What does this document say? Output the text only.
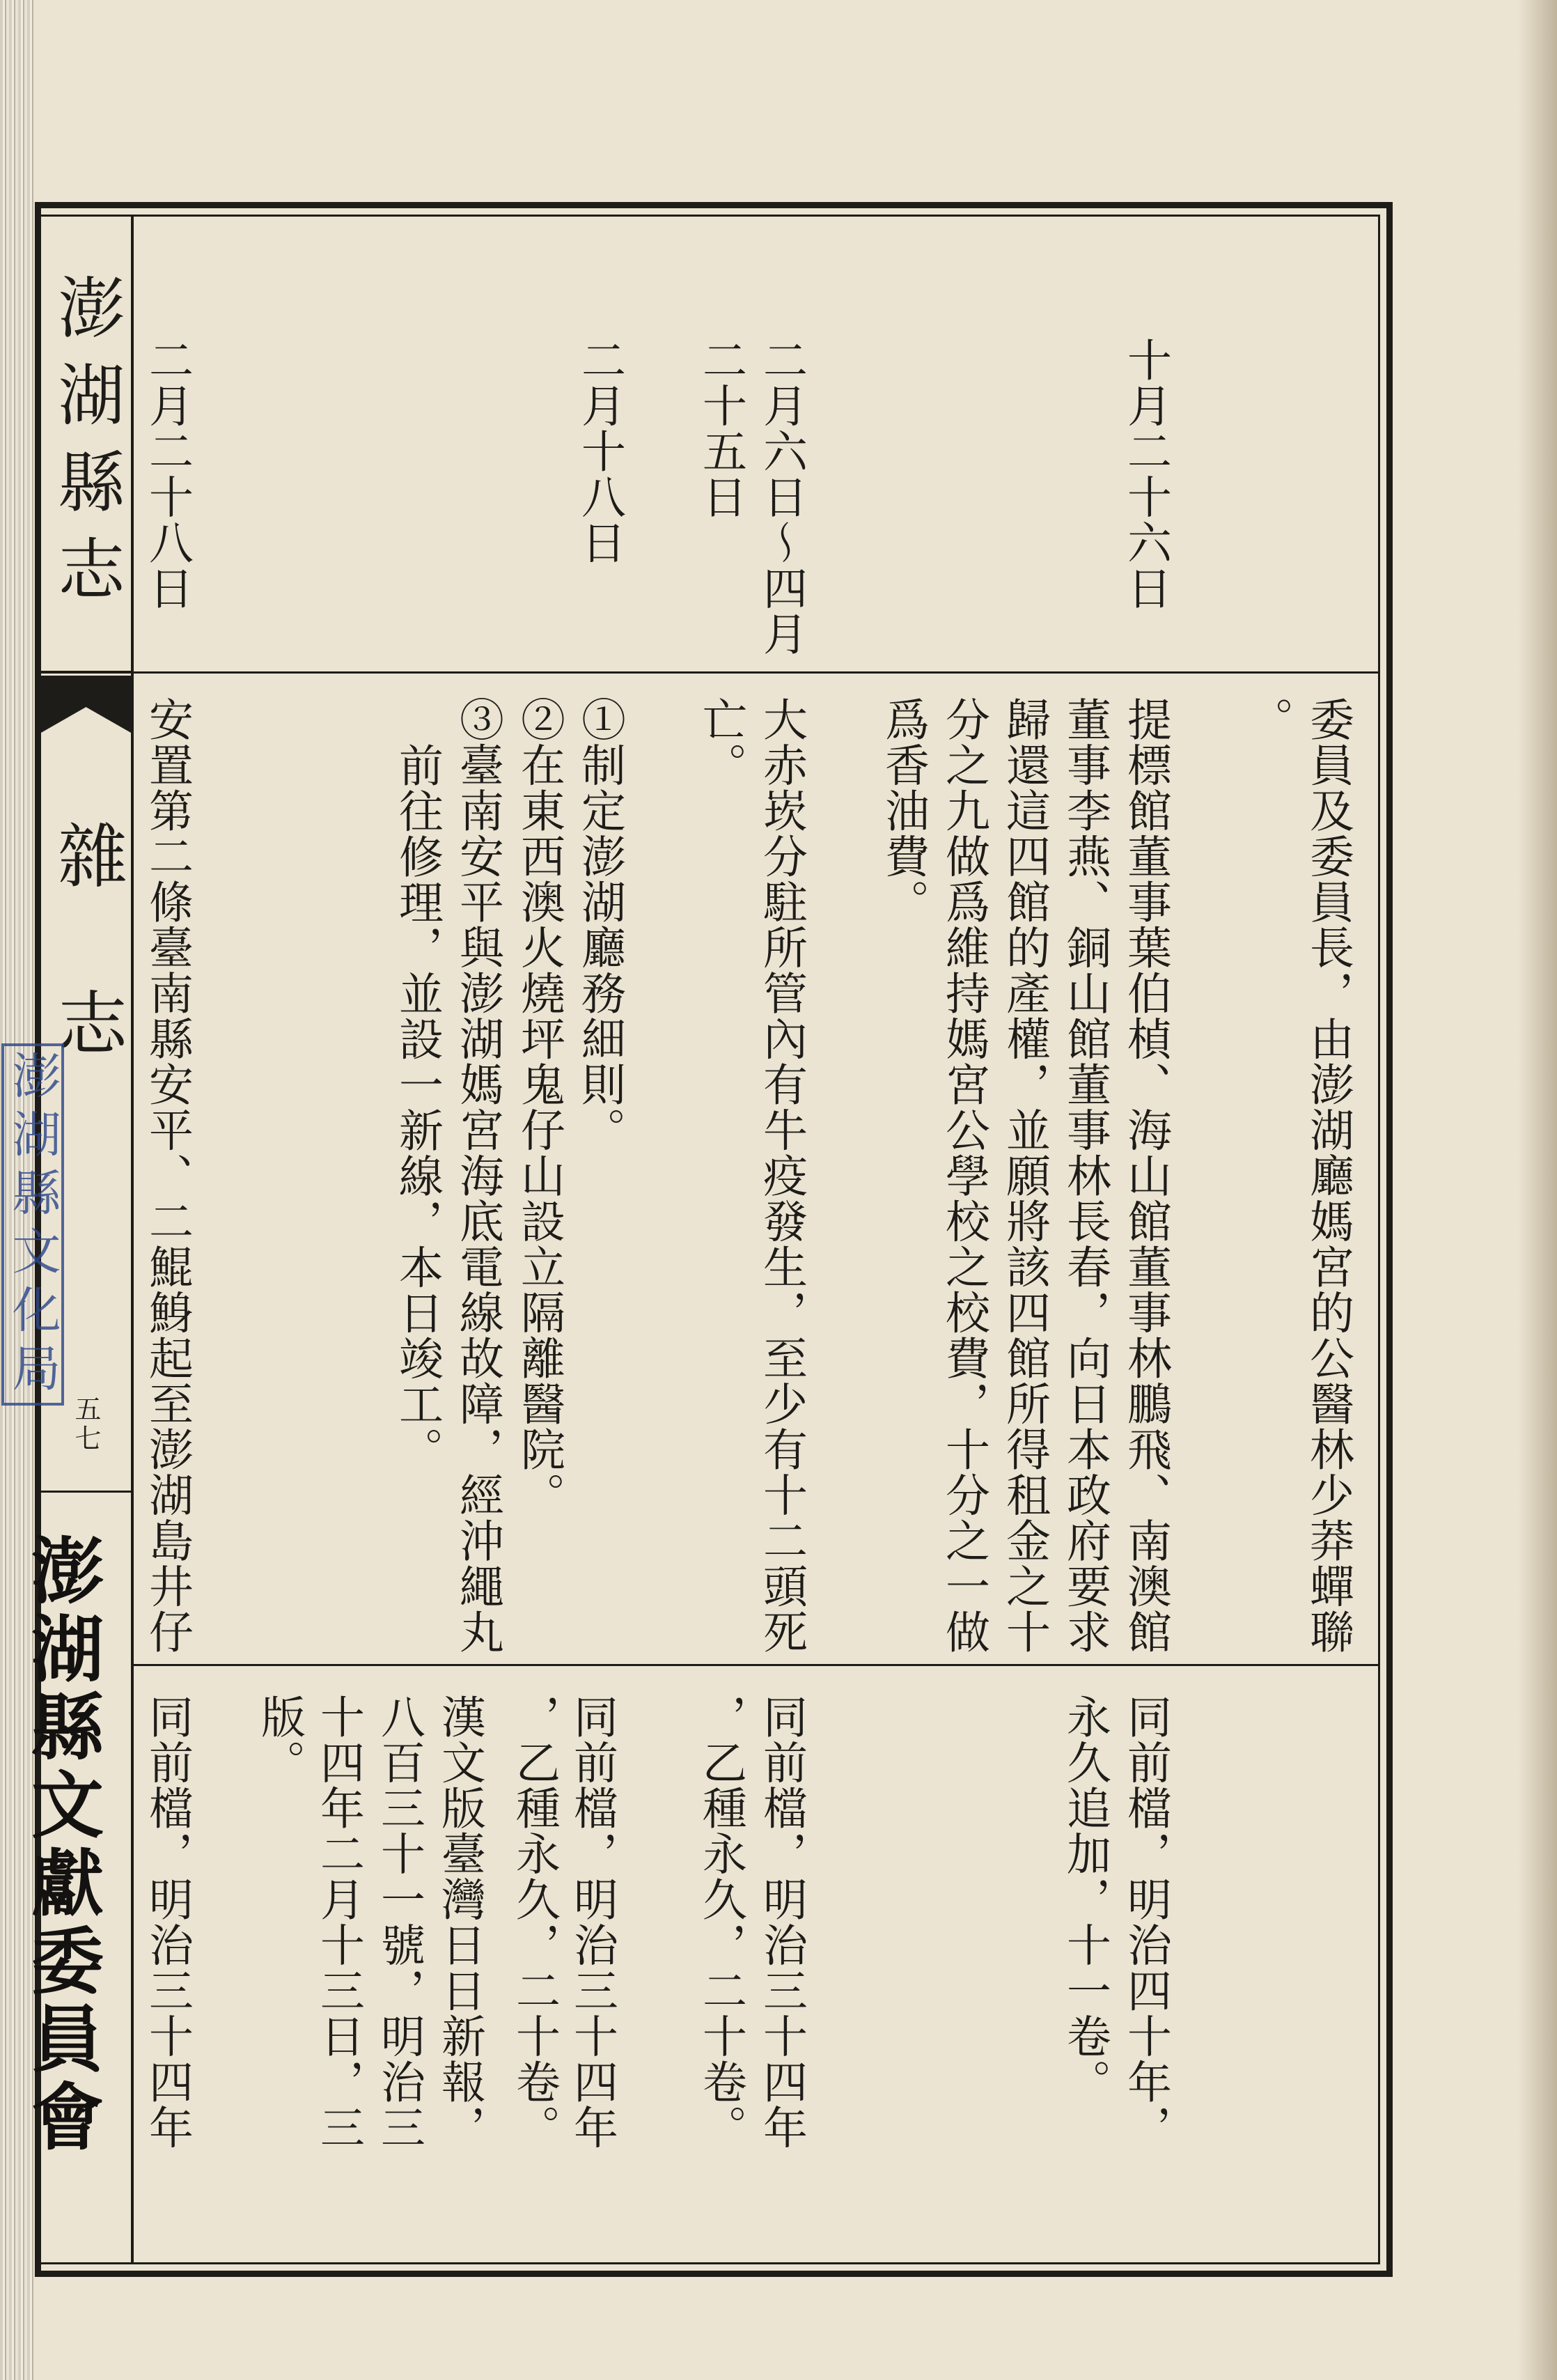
澎湖縣志
雜志
五七
澎湖縣文獻委員會
澎湖縣文化局	委員及委員長，由澎湖廳媽宮的公醫林少莽蟬聯
。
十月二十六日
提標館董事葉伯楨、海山館董事林鵬飛、南澳館
董事李燕、銅山館董事林長春，向日本政府要求
歸還這四館的產權，並願將該四館所得租金之十
分之九做爲維持媽宮公學校之校費，十分之一做
爲香油費。
同前檔，明治四十年，
永久追加，十一卷。
二月六日～四月
二十五日
大赤崁分駐所管內有牛疫發生，至少有十二頭死
亡。
同前檔，明治三十四年
，乙種永久，二十卷。
二月十八日
①制定澎湖廳務細則。
②在東西澳火燒坪鬼仔山設立隔離醫院。
③臺南安平與澎湖媽宮海底電線故障，經沖繩丸
前往修理，並設一新線，本日竣工。
同前檔，明治三十四年
，乙種永久，二十卷。
漢文版臺灣日日新報，
八百三十一號，明治三
十四年二月十三日，三
版。
二月二十八日
安置第二條臺南縣安平、二鯤鯓起至澎湖島井仔
同前檔，明治三十四年
